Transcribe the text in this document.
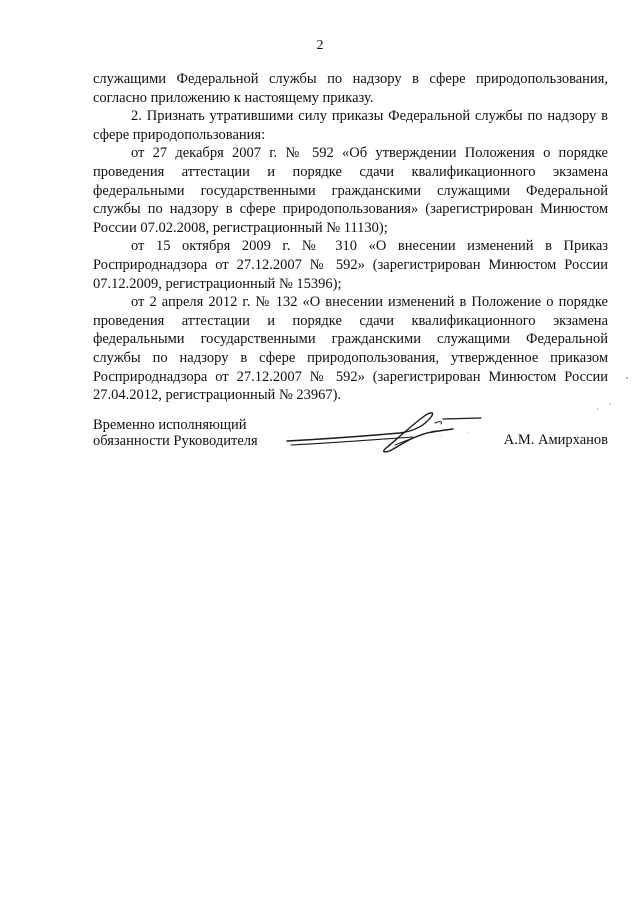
2

служащими Федеральной службы по надзору в сфере природопользования, согласно приложению к настоящему приказу.

2. Признать утратившими силу приказы Федеральной службы по надзору в сфере природопользования:

от 27 декабря 2007 г. № 592 «Об утверждении Положения о порядке проведения аттестации и порядке сдачи квалификационного экзамена федеральными государственными гражданскими служащими Федеральной службы по надзору в сфере природопользования» (зарегистрирован Минюстом России 07.02.2008, регистрационный № 11130);

от 15 октября 2009 г. № 310 «О внесении изменений в Приказ Росприроднадзора от 27.12.2007 № 592» (зарегистрирован Минюстом России 07.12.2009, регистрационный № 15396);

от 2 апреля 2012 г. № 132 «О внесении изменений в Положение о порядке проведения аттестации и порядке сдачи квалификационного экзамена федеральными государственными гражданскими служащими Федеральной службы по надзору в сфере природопользования, утвержденное приказом Росприроднадзора от 27.12.2007 № 592» (зарегистрирован Минюстом России 27.04.2012, регистрационный № 23967).

Временно исполняющий
обязанности Руководителя	А.М. Амирханов
